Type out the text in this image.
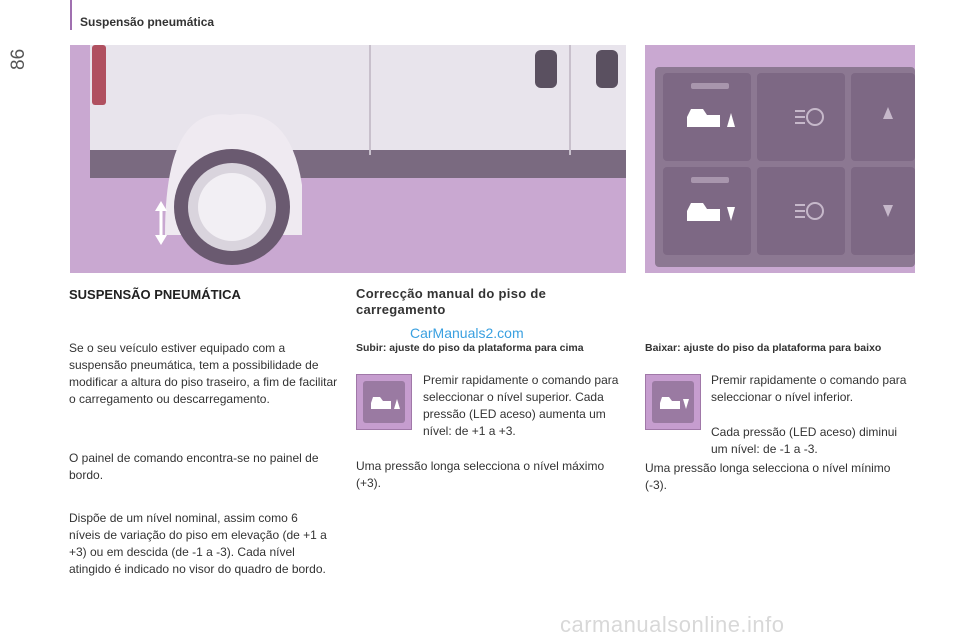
Suspensão pneumática
86
SUSPENSÃO PNEUMÁTICA
Se o seu veículo estiver equipado com a suspensão pneumática, tem a possibilidade de modificar a altura do piso traseiro, a fim de facilitar o carregamento ou descarregamento.
O painel de comando encontra-se no painel de bordo.
Dispõe de um nível nominal, assim como 6 níveis de variação do piso em elevação (de +1 a +3) ou em descida (de -1 a -3). Cada nível atingido é indicado no visor do quadro de bordo.
Correcção manual do piso de carregamento
CarManuals2.com
Subir: ajuste do piso da plataforma para cima
Premir rapidamente o comando para seleccionar o nível superior. Cada pressão (LED aceso) aumenta um nível: de +1 a +3.
Uma pressão longa selecciona o nível máximo (+3).
Baixar: ajuste do piso da plataforma para baixo
Premir rapidamente o comando para seleccionar o nível inferior.
Cada pressão (LED aceso) diminui um nível: de -1 a -3.
Uma pressão longa selecciona o nível mínimo (-3).
carmanualsonline.info
